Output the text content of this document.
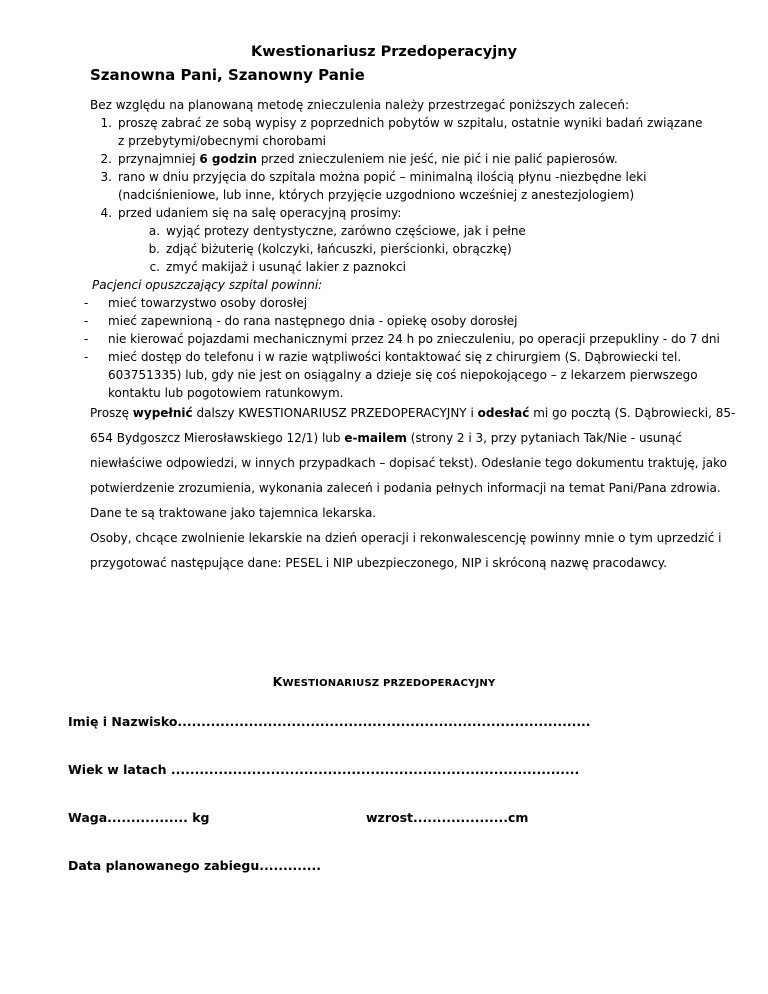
Kwestionariusz Przedoperacyjny
Szanowna Pani, Szanowny Panie
Bez względu na planowaną metodę znieczulenia należy przestrzegać poniższych zaleceń:
1. proszę zabrać ze sobą wypisy z poprzednich pobytów w szpitalu, ostatnie wyniki badań związane
z przebytymi/obecnymi chorobami
2. przynajmniej 6 godzin przed znieczuleniem nie jeść, nie pić i nie palić papierosów.
3. rano w dniu przyjęcia do szpitala można popić – minimalną ilością płynu -niezbędne leki
(nadciśnieniowe, lub inne, których przyjęcie uzgodniono wcześniej z anestezjologiem)
4. przed udaniem się na salę operacyjną prosimy:
a. wyjąć protezy dentystyczne, zarówno częściowe, jak i pełne
b. zdjąć biżuterię (kolczyki, łańcuszki, pierścionki, obrączkę)
c. zmyć makijaż i usunąć lakier z paznokci
Pacjenci opuszczający szpital powinni:
- mieć towarzystwo osoby dorosłej
- mieć zapewnioną - do rana następnego dnia - opiekę osoby dorosłej
- nie kierować pojazdami mechanicznymi przez 24 h po znieczuleniu, po operacji przepukliny - do 7 dni
- mieć dostęp do telefonu i w razie wątpliwości kontaktować się z chirurgiem (S. Dąbrowiecki tel.
603751335) lub, gdy nie jest on osiągalny a dzieje się coś niepokojącego – z lekarzem pierwszego
kontaktu lub pogotowiem ratunkowym.
Proszę wypełnić dalszy KWESTIONARIUSZ PRZEDOPERACYJNY i odesłać mi go pocztą (S. Dąbrowiecki, 85-
654 Bydgoszcz Mierosławskiego 12/1) lub e-mailem (strony 2 i 3, przy pytaniach Tak/Nie - usunąć
niewłaściwe odpowiedzi, w innych przypadkach – dopisać tekst). Odesłanie tego dokumentu traktuję, jako
potwierdzenie zrozumienia, wykonania zaleceń i podania pełnych informacji na temat Pani/Pana zdrowia.
Dane te są traktowane jako tajemnica lekarska.
Osoby, chcące zwolnienie lekarskie na dzień operacji i rekonwalescencję powinny mnie o tym uprzedzić i
przygotować następujące dane: PESEL i NIP ubezpieczonego, NIP i skróconą nazwę pracodawcy.
KWESTIONARIUSZ PRZEDOPERACYJNY
Imię i Nazwisko.......................................................................................
Wiek w latach ......................................................................................
Waga................. kg	wzrost....................cm
Data planowanego zabiegu.............
